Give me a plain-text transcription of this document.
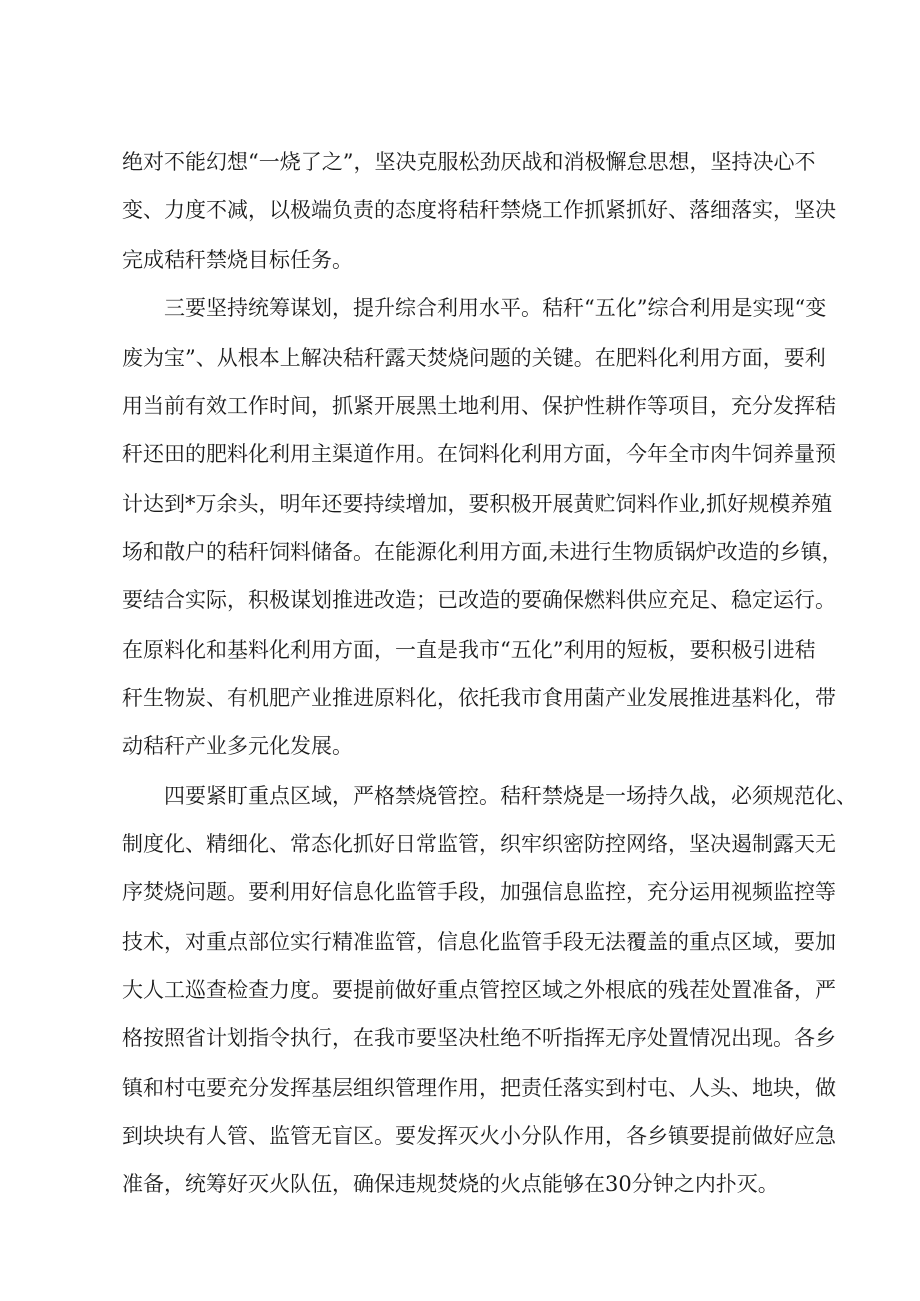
绝对不能幻想“一烧了之”，坚决克服松劲厌战和消极懈怠思想，坚持决心不

变、力度不减，以极端负责的态度将秸秆禁烧工作抓紧抓好、落细落实，坚决

完成秸秆禁烧目标任务。

三要坚持统筹谋划，提升综合利用水平。秸秆“五化”综合利用是实现“变

废为宝”、从根本上解决秸秆露天焚烧问题的关键。在肥料化利用方面，要利

用当前有效工作时间，抓紧开展黑土地利用、保护性耕作等项目，充分发挥秸

秆还田的肥料化利用主渠道作用。在饲料化利用方面，今年全市肉牛饲养量预

计达到*万余头，明年还要持续增加，要积极开展黄贮饲料作业,抓好规模养殖

场和散户的秸秆饲料储备。在能源化利用方面,未进行生物质锅炉改造的乡镇，

要结合实际，积极谋划推进改造；已改造的要确保燃料供应充足、稳定运行。

在原料化和基料化利用方面，一直是我市“五化”利用的短板，要积极引进秸

秆生物炭、有机肥产业推进原料化，依托我市食用菌产业发展推进基料化，带

动秸秆产业多元化发展。

四要紧盯重点区域，严格禁烧管控。秸秆禁烧是一场持久战，必须规范化、

制度化、精细化、常态化抓好日常监管，织牢织密防控网络，坚决遏制露天无

序焚烧问题。要利用好信息化监管手段，加强信息监控，充分运用视频监控等

技术，对重点部位实行精准监管，信息化监管手段无法覆盖的重点区域，要加

大人工巡查检查力度。要提前做好重点管控区域之外根底的残茬处置准备，严

格按照省计划指令执行，在我市要坚决杜绝不听指挥无序处置情况出现。各乡

镇和村屯要充分发挥基层组织管理作用，把责任落实到村屯、人头、地块，做

到块块有人管、监管无盲区。要发挥灭火小分队作用，各乡镇要提前做好应急

准备，统筹好灭火队伍，确保违规焚烧的火点能够在30分钟之内扑灭。
